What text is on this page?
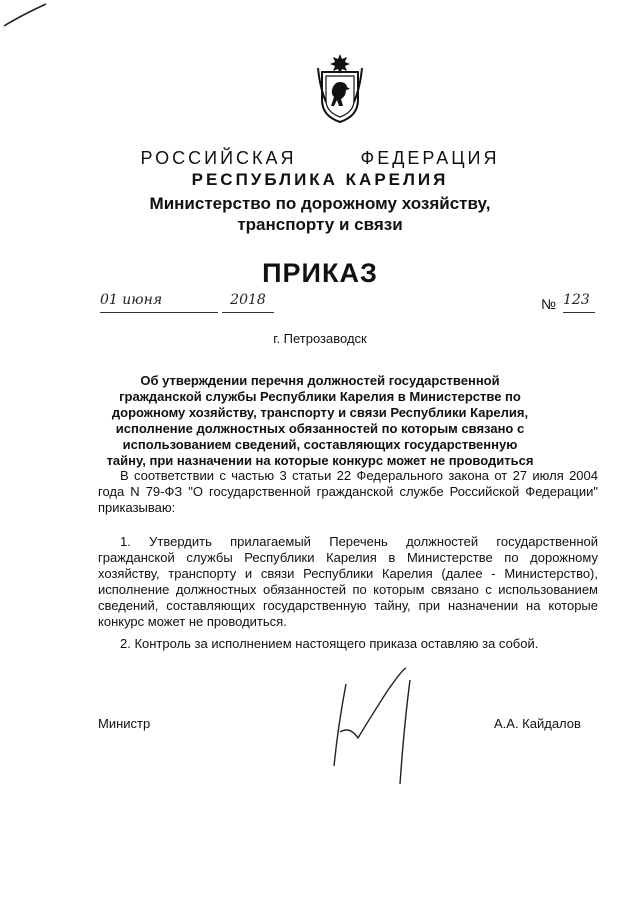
РОССИЙСКАЯ	ФЕДЕРАЦИЯ
РЕСПУБЛИКА КАРЕЛИЯ
Министерство по дорожному хозяйству,
транспорту и связи
ПРИКАЗ
01 июня	2018	№ 123
г. Петрозаводск
Об утверждении перечня должностей государственной гражданской службы Республики Карелия в Министерстве по дорожному хозяйству, транспорту и связи Республики Карелия, исполнение должностных обязанностей по которым связано с использованием сведений, составляющих государственную тайну, при назначении на которые конкурс может не проводиться
В соответствии с частью 3 статьи 22 Федерального закона от 27 июля 2004 года N 79-ФЗ "О государственной гражданской службе Российской Федерации" приказываю:
1. Утвердить прилагаемый Перечень должностей государственной гражданской службы Республики Карелия в Министерстве по дорожному хозяйству, транспорту и связи Республики Карелия (далее - Министерство), исполнение должностных обязанностей по которым связано с использованием сведений, составляющих государственную тайну, при назначении на которые конкурс может не проводиться.
2. Контроль за исполнением настоящего приказа оставляю за собой.
Министр	А.А. Кайдалов
